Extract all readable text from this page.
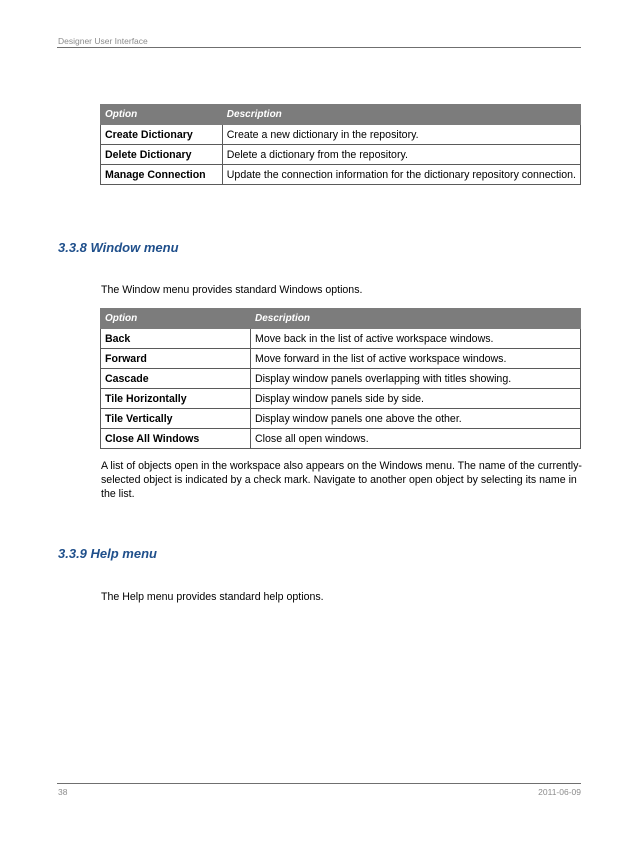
Designer User Interface
Option	Description
Create Dictionary	Create a new dictionary in the repository.
Delete Dictionary	Delete a dictionary from the repository.
Manage Connection	Update the connection information for the dictionary repository connection.
3.3.8 Window menu
The Window menu provides standard Windows options.
Option	Description
Back	Move back in the list of active workspace windows.
Forward	Move forward in the list of active workspace windows.
Cascade	Display window panels overlapping with titles showing.
Tile Horizontally	Display window panels side by side.
Tile Vertically	Display window panels one above the other.
Close All Windows	Close all open windows.
A list of objects open in the workspace also appears on the Windows menu. The name of the currently-selected object is indicated by a check mark. Navigate to another open object by selecting its name in the list.
3.3.9 Help menu
The Help menu provides standard help options.
38	2011-06-09
